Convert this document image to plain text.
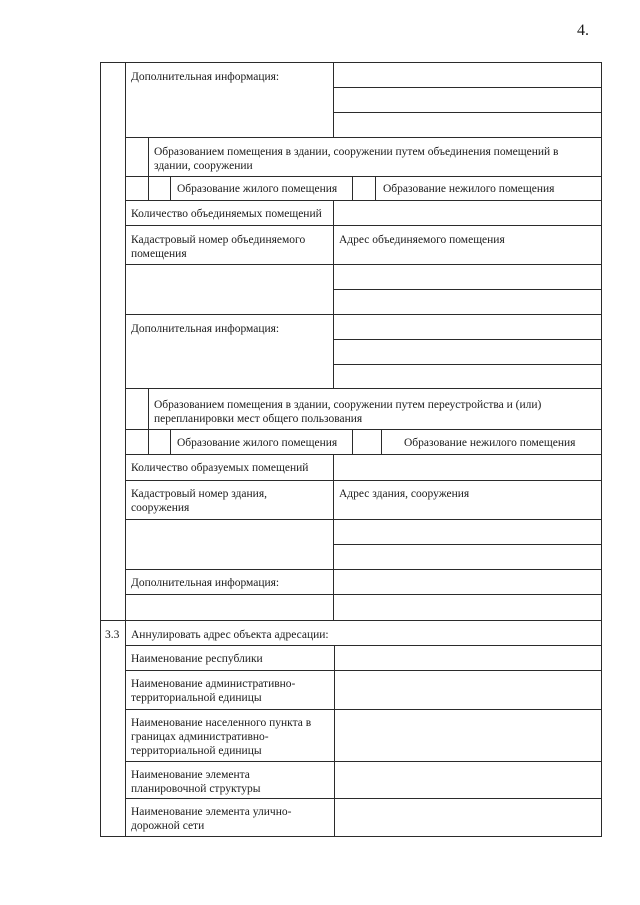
4.
Дополнительная информация:
Образованием помещения в здании, сооружении путем объединения помещений в
здании, сооружении
Образование жилого помещения	Образование нежилого помещения
Количество объединяемых помещений
Кадастровый номер объединяемого
помещения
Адрес объединяемого помещения
Дополнительная информация:
Образованием помещения в здании, сооружении путем переустройства и (или)
перепланировки мест общего пользования
Образование жилого помещения	Образование нежилого помещения
Количество образуемых помещений
Кадастровый номер здания,
сооружения
Адрес здания, сооружения
Дополнительная информация:
3.3 Аннулировать адрес объекта адресации:
Наименование республики
Наименование административно-
территориальной единицы
Наименование населенного пункта в
границах административно-
территориальной единицы
Наименование элемента
планировочной структуры
Наименование элемента улично-
дорожной сети
